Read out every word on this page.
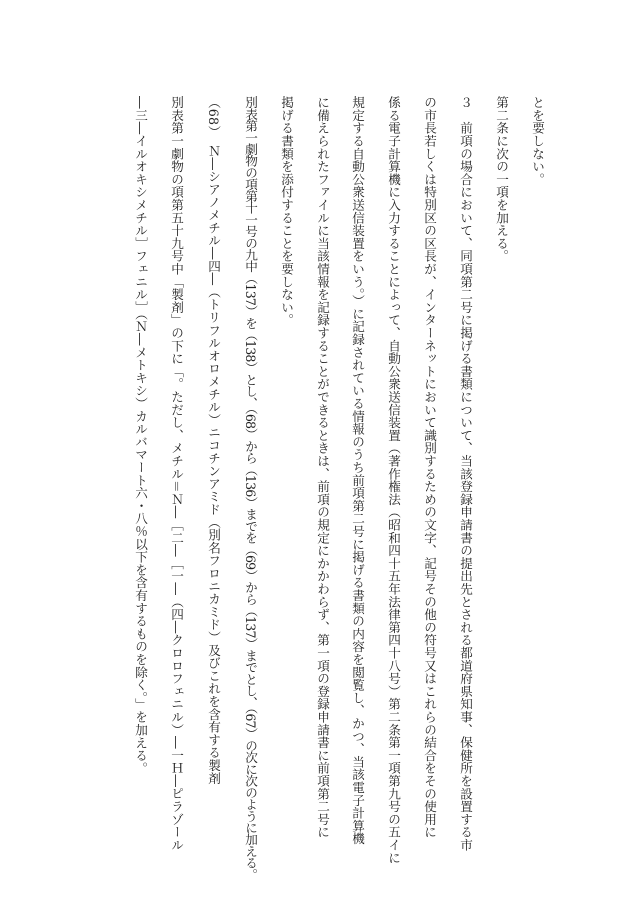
とを要しない。
第二条に次の一項を加える。
３　前項の場合において、同項第二号に掲げる書類について、当該登録申請書の提出先とされる都道府県知事、保健所を設置する市
の市長若しくは特別区の区長が、インターネットにおいて識別するための文字、記号その他の符号又はこれらの結合をその使用に
係る電子計算機に入力することによって、自動公衆送信装置（著作権法（昭和四十五年法律第四十八号）第二条第一項第九号の五イに
規定する自動公衆送信装置をいう。）に記録されている情報のうち前項第二号に掲げる書類の内容を閲覧し、かつ、当該電子計算機
に備えられたファイルに当該情報を記録することができるときは、前項の規定にかかわらず、第一項の登録申請書に前項第二号に
掲げる書類を添付することを要しない。
別表第一劇物の項第十一号の九中（137）を（138）とし、（68）から（136）までを（69）から（137）までとし、（67）の次に次のように加える。
（68）　Ｎ―シアノメチル―四―（トリフルオロメチル）ニコチンアミド（別名フロニカミド）及びこれを含有する製剤
別表第一劇物の項第五十九号中「製剤」の下に「。ただし、メチル＝Ｎ―［二―［一―（四―クロロフェニル）―一Ｈ―ピラゾール
―三―イルオキシメチル］フェニル］（Ｎ―メトキシ）カルバマート六・八％以下を含有するものを除く。」を加える。
